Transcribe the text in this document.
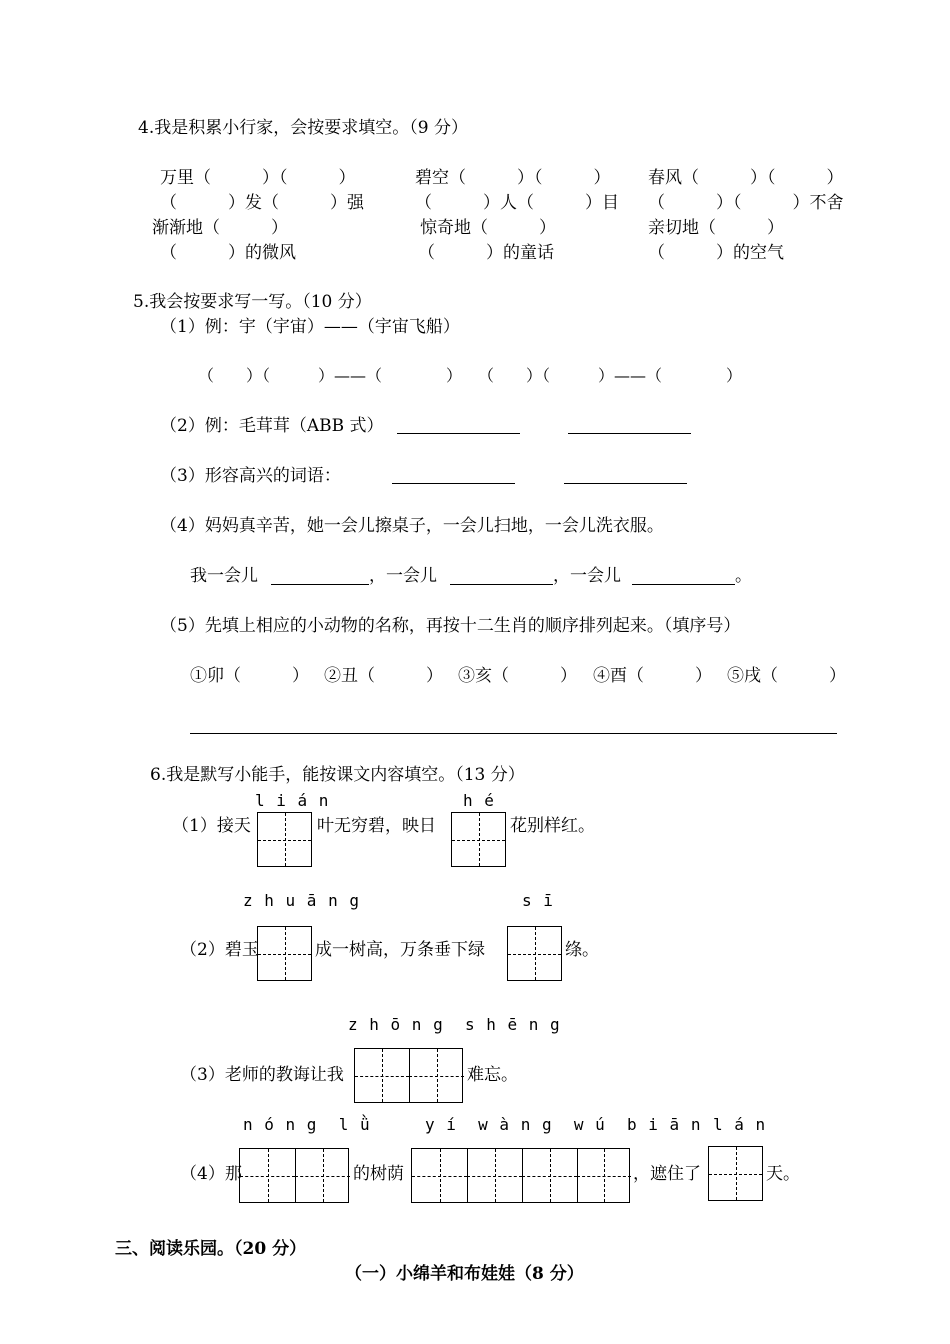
4.我是积累小行家，会按要求填空。（9 分）
万里（　　　）（　　　）	碧空（　　　）（　　　） 春风（　　　）（　　　）
（　　　）发（　　　）强	（　　　）人（　　　）目 （　　　）（　　　）不舍
渐渐地（　　　）	惊奇地（　　　）	亲切地（　　　）
（　　　）的微风	（　　　）的童话	（　　　）的空气
5.我会按要求写一写。（10 分）
（1）例：宇（宇宙）——（宇宙飞船）
（　　）（　　　）——（　　　　）　　（　　）（　　　）——（　　　　）
（2）例：毛茸茸（ABB 式）
（3）形容高兴的词语：
（4）妈妈真辛苦，她一会儿擦桌子，一会儿扫地，一会儿洗衣服。
我一会儿	，一会儿	，一会儿	。
（5）先填上相应的小动物的名称，再按十二生肖的顺序排列起来。（填序号）
①卯（　　　） ②丑（　　　） ③亥（　　　） ④酉（　　　） ⑤戌（　　　）
6.我是默写小能手，能按课文内容填空。（13 分）
l i á n	h é
（1）接天	叶无穷碧，映日	花别样红。
z h u ā n g	s ī
（2）碧玉	成一树高，万条垂下绿	绦。
z h ō n g  s h ē n g
（3）老师的教诲让我	难忘。
n ó n g  l ǜ	y í  w à n g  w ú  b i ā n l á n
（4）那	的树荫	，遮住了	天。
三、阅读乐园。（20 分）
（一）小绵羊和布娃娃（8 分）
